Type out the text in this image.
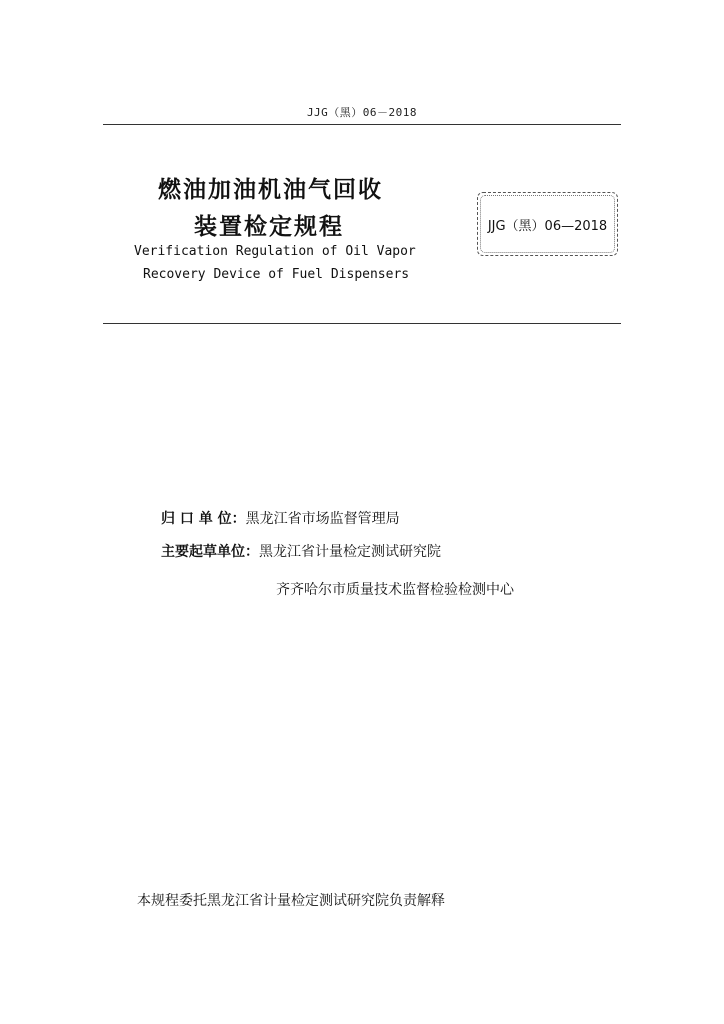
JJG（黑）06－2018
燃油加油机油气回收
装置检定规程
Verification Regulation of Oil Vapor
Recovery Device of Fuel Dispensers
JJG（黑）06—2018
归 口 单 位：黑龙江省市场监督管理局
主要起草单位：黑龙江省计量检定测试研究院
齐齐哈尔市质量技术监督检验检测中心
本规程委托黑龙江省计量检定测试研究院负责解释
